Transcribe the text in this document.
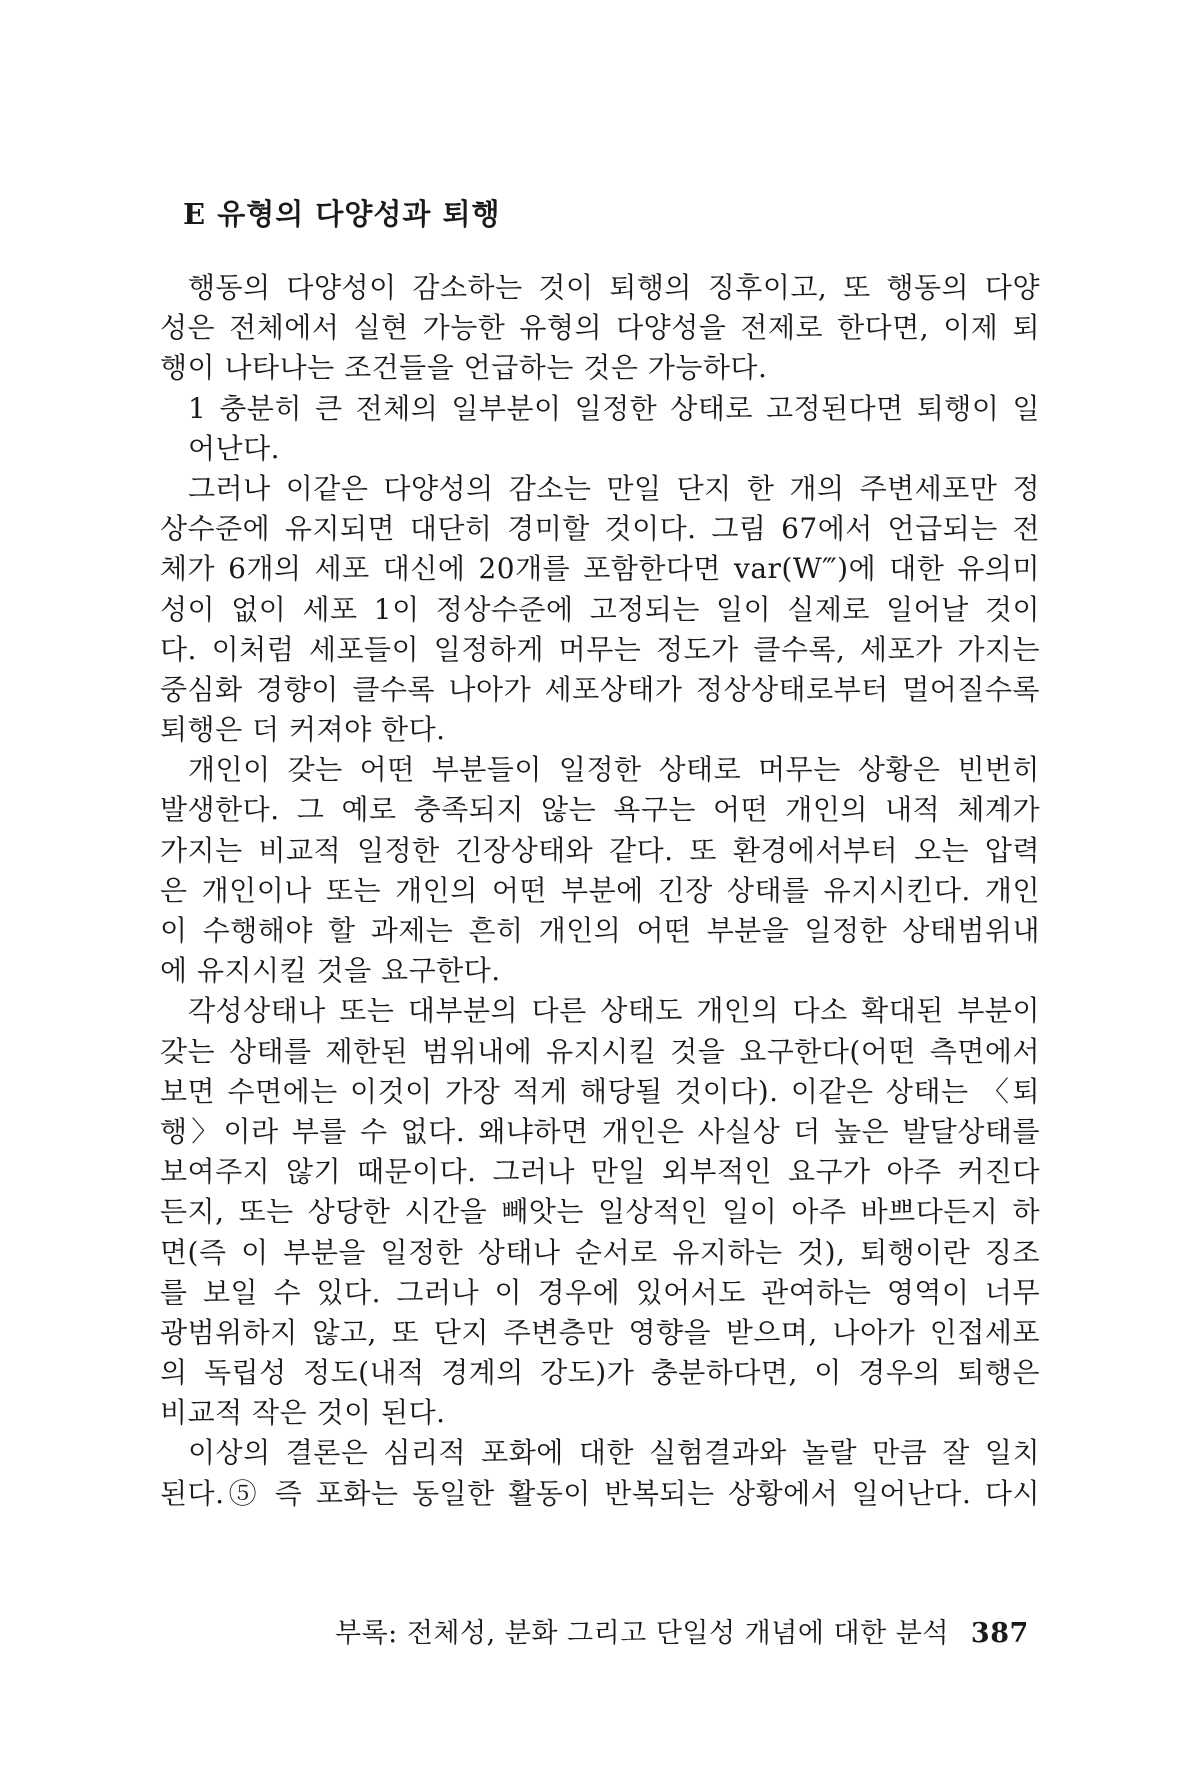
E 유형의 다양성과 퇴행
행동의 다양성이 감소하는 것이 퇴행의 징후이고, 또 행동의 다양
성은 전체에서 실현 가능한 유형의 다양성을 전제로 한다면, 이제 퇴
행이 나타나는 조건들을 언급하는 것은 가능하다.
1 충분히 큰 전체의 일부분이 일정한 상태로 고정된다면 퇴행이 일
어난다.
그러나 이같은 다양성의 감소는 만일 단지 한 개의 주변세포만 정
상수준에 유지되면 대단히 경미할 것이다. 그림 67에서 언급되는 전
체가 6개의 세포 대신에 20개를 포함한다면 var(W‴)에 대한 유의미
성이 없이 세포 1이 정상수준에 고정되는 일이 실제로 일어날 것이
다. 이처럼 세포들이 일정하게 머무는 정도가 클수록, 세포가 가지는
중심화 경향이 클수록 나아가 세포상태가 정상상태로부터 멀어질수록
퇴행은 더 커져야 한다.
개인이 갖는 어떤 부분들이 일정한 상태로 머무는 상황은 빈번히
발생한다. 그 예로 충족되지 않는 욕구는 어떤 개인의 내적 체계가
가지는 비교적 일정한 긴장상태와 같다. 또 환경에서부터 오는 압력
은 개인이나 또는 개인의 어떤 부분에 긴장 상태를 유지시킨다. 개인
이 수행해야 할 과제는 흔히 개인의 어떤 부분을 일정한 상태범위내
에 유지시킬 것을 요구한다.
각성상태나 또는 대부분의 다른 상태도 개인의 다소 확대된 부분이
갖는 상태를 제한된 범위내에 유지시킬 것을 요구한다(어떤 측면에서
보면 수면에는 이것이 가장 적게 해당될 것이다). 이같은 상태는 〈퇴
행〉이라 부를 수 없다. 왜냐하면 개인은 사실상 더 높은 발달상태를
보여주지 않기 때문이다. 그러나 만일 외부적인 요구가 아주 커진다
든지, 또는 상당한 시간을 빼앗는 일상적인 일이 아주 바쁘다든지 하
면(즉 이 부분을 일정한 상태나 순서로 유지하는 것), 퇴행이란 징조
를 보일 수 있다. 그러나 이 경우에 있어서도 관여하는 영역이 너무
광범위하지 않고, 또 단지 주변층만 영향을 받으며, 나아가 인접세포
의 독립성 정도(내적 경계의 강도)가 충분하다면, 이 경우의 퇴행은
비교적 작은 것이 된다.
이상의 결론은 심리적 포화에 대한 실험결과와 놀랄 만큼 잘 일치
된다.⑤ 즉 포화는 동일한 활동이 반복되는 상황에서 일어난다. 다시
부록: 전체성, 분화 그리고 단일성 개념에 대한 분석 387
